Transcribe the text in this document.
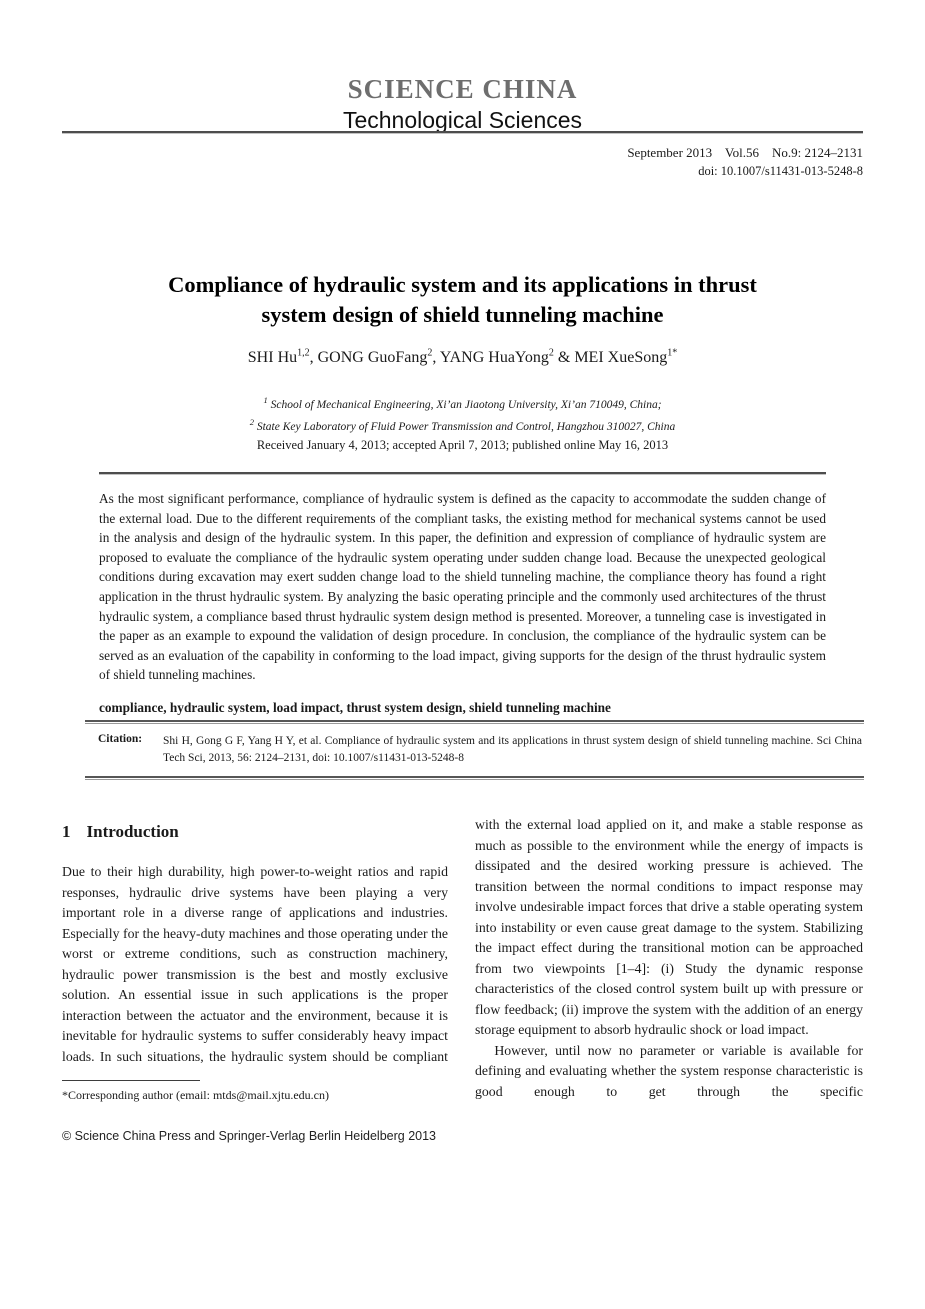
SCIENCE CHINA
Technological Sciences
September 2013    Vol.56    No.9: 2124–2131
doi: 10.1007/s11431-013-5248-8
Compliance of hydraulic system and its applications in thrust
system design of shield tunneling machine
SHI Hu$^{1,2}$, GONG GuoFang$^2$, YANG HuaYong$^2$ & MEI XueSong$^{1*}$
$^1$ School of Mechanical Engineering, Xi’an Jiaotong University, Xi’an 710049, China;
$^2$ State Key Laboratory of Fluid Power Transmission and Control, Hangzhou 310027, China
Received January 4, 2013; accepted April 7, 2013; published online May 16, 2013

As the most significant performance, compliance of hydraulic system is defined as the capacity to accommodate the sudden change of the external load. Due to the different requirements of the compliant tasks, the existing method for mechanical systems cannot be used in the analysis and design of the hydraulic system. In this paper, the definition and expression of compliance of hydraulic system are proposed to evaluate the compliance of the hydraulic system operating under sudden change load. Because the unexpected geological conditions during excavation may exert sudden change load to the shield tunneling machine, the compliance theory has found a right application in the thrust hydraulic system. By analyzing the basic operating principle and the commonly used architectures of the thrust hydraulic system, a compliance based thrust hydraulic system design method is presented. Moreover, a tunneling case is investigated in the paper as an example to expound the validation of design procedure. In conclusion, the compliance of the hydraulic system can be served as an evaluation of the capability in conforming to the load impact, giving supports for the design of the thrust hydraulic system of shield tunneling machines.

compliance, hydraulic system, load impact, thrust system design, shield tunneling machine

Citation:	Shi H, Gong G F, Yang H Y, et al. Compliance of hydraulic system and its applications in thrust system design of shield tunneling machine. Sci China Tech Sci, 2013, 56: 2124–2131, doi: 10.1007/s11431-013-5248-8
1 Introduction

Due to their high durability, high power-to-weight ratios and rapid responses, hydraulic drive systems have been playing a very important role in a diverse range of applications and industries. Especially for the heavy-duty machines and those operating under the worst or extreme conditions, such as construction machinery, hydraulic power transmission is the best and mostly exclusive solution. An essential issue in such applications is the proper interaction between the actuator and the environment, because it is inevitable for hydraulic systems to suffer considerably heavy impact loads. In such situations, the hydraulic system should be compliant

*Corresponding author (email: mtds@mail.xjtu.edu.cn)

© Science China Press and Springer-Verlag Berlin Heidelberg 2013

with the external load applied on it, and make a stable response as much as possible to the environment while the energy of impacts is dissipated and the desired working pressure is achieved. The transition between the normal conditions to impact response may involve undesirable impact forces that drive a stable operating system into instability or even cause great damage to the system. Stabilizing the impact effect during the transitional motion can be approached from two viewpoints [1–4]: (i) Study the dynamic response characteristics of the closed control system built up with pressure or flow feedback; (ii) improve the system with the addition of an energy storage equipment to absorb hydraulic shock or load impact.

However, until now no parameter or variable is available for defining and evaluating whether the system response characteristic is good enough to get through the specific
